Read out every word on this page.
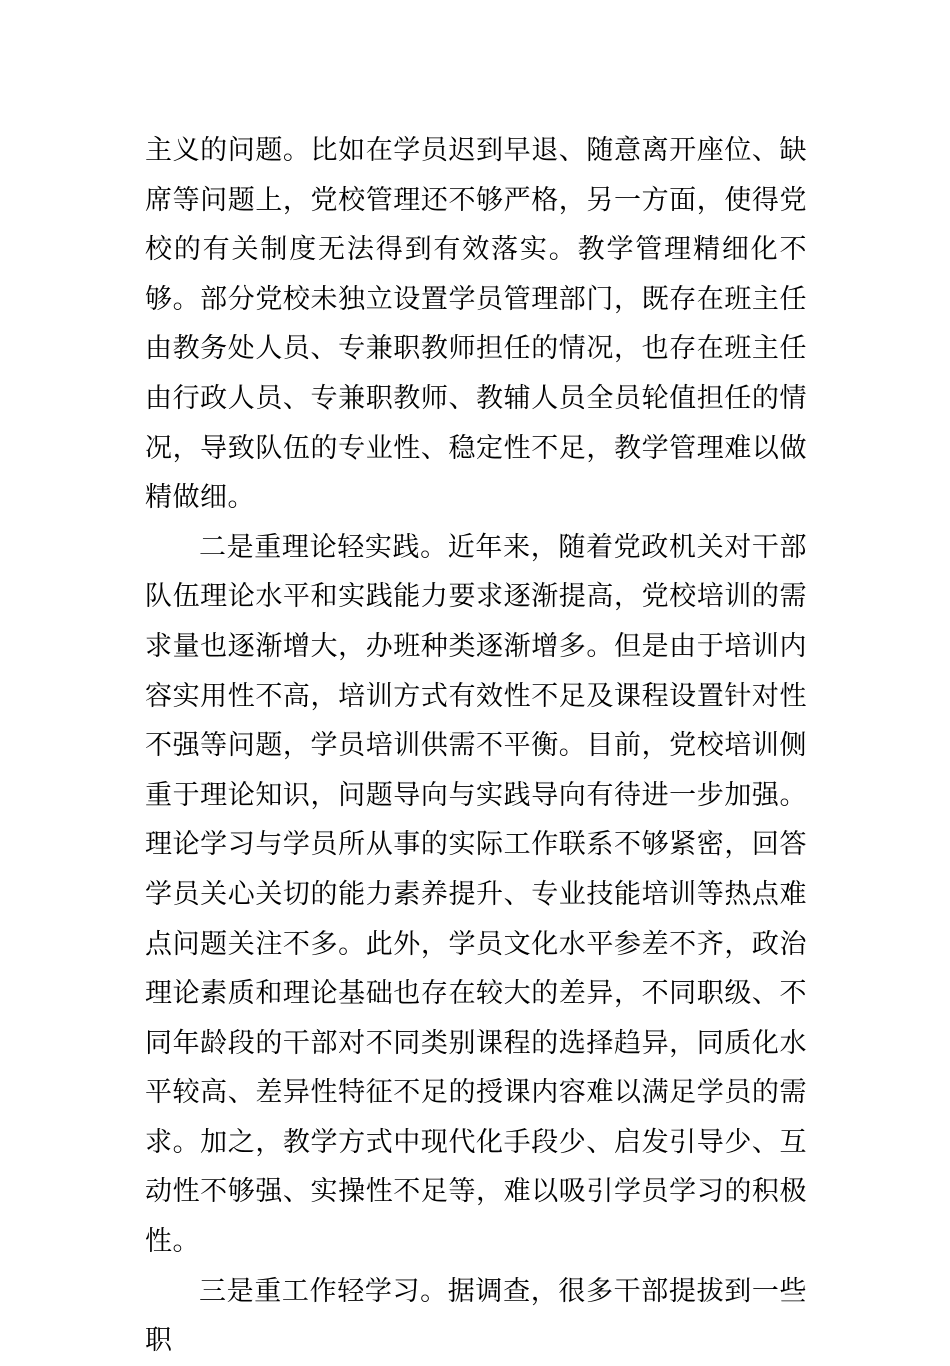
主义的问题。比如在学员迟到早退、随意离开座位、缺席等问题上，党校管理还不够严格，另一方面，使得党校的有关制度无法得到有效落实。教学管理精细化不够。部分党校未独立设置学员管理部门，既存在班主任由教务处人员、专兼职教师担任的情况，也存在班主任由行政人员、专兼职教师、教辅人员全员轮值担任的情况，导致队伍的专业性、稳定性不足，教学管理难以做精做细。

二是重理论轻实践。近年来，随着党政机关对干部队伍理论水平和实践能力要求逐渐提高，党校培训的需求量也逐渐增大，办班种类逐渐增多。但是由于培训内容实用性不高，培训方式有效性不足及课程设置针对性不强等问题，学员培训供需不平衡。目前，党校培训侧重于理论知识，问题导向与实践导向有待进一步加强。理论学习与学员所从事的实际工作联系不够紧密，回答学员关心关切的能力素养提升、专业技能培训等热点难点问题关注不多。此外，学员文化水平参差不齐，政治理论素质和理论基础也存在较大的差异，不同职级、不同年龄段的干部对不同类别课程的选择趋异，同质化水平较高、差异性特征不足的授课内容难以满足学员的需求。加之，教学方式中现代化手段少、启发引导少、互动性不够强、实操性不足等，难以吸引学员学习的积极性。

三是重工作轻学习。据调查，很多干部提拔到一些职
